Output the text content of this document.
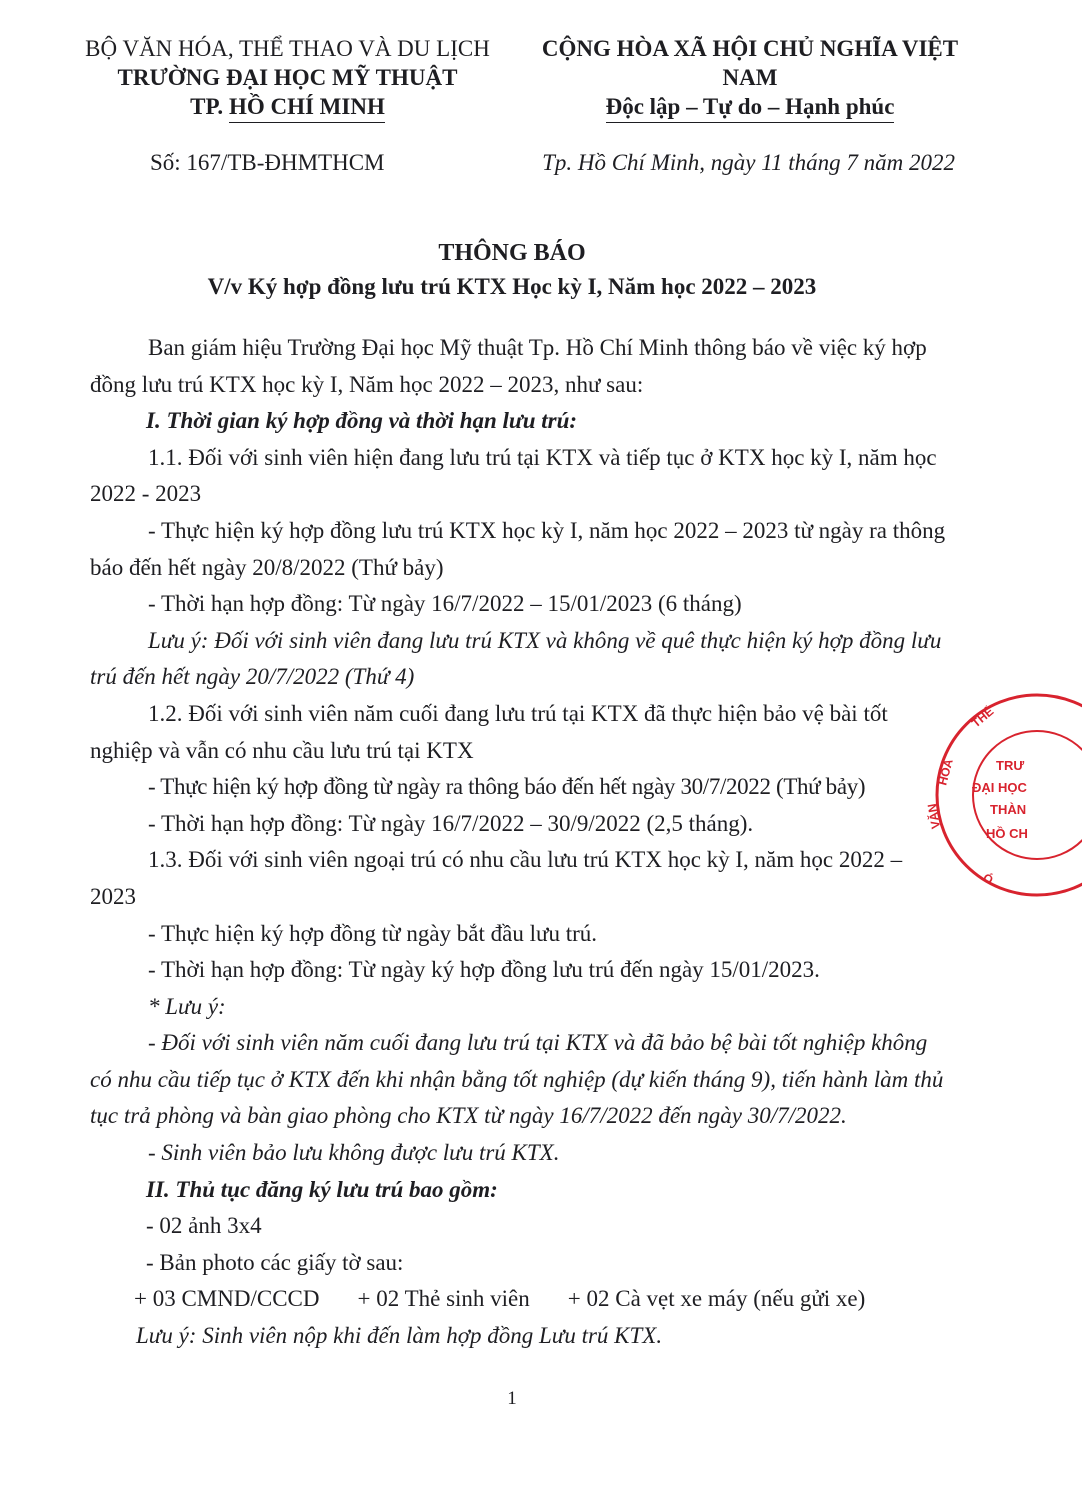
BỘ VĂN HÓA, THỂ THAO VÀ DU LỊCH
TRƯỜNG ĐẠI HỌC MỸ THUẬT
TP. HỒ CHÍ MINH
CỘNG HÒA XÃ HỘI CHỦ NGHĨA VIỆT NAM
Độc lập – Tự do – Hạnh phúc
Số: 167/TB-ĐHMTHCM	Tp. Hồ Chí Minh, ngày 11 tháng 7 năm 2022
THÔNG BÁO
V/v Ký hợp đồng lưu trú KTX Học kỳ I, Năm học 2022 – 2023

Ban giám hiệu Trường Đại học Mỹ thuật Tp. Hồ Chí Minh thông báo về việc ký hợp đồng lưu trú KTX học kỳ I, Năm học 2022 – 2023, như sau:

I. Thời gian ký hợp đồng và thời hạn lưu trú:

1.1. Đối với sinh viên hiện đang lưu trú tại KTX và tiếp tục ở KTX học kỳ I, năm học 2022 - 2023

- Thực hiện ký hợp đồng lưu trú KTX học kỳ I, năm học 2022 – 2023 từ ngày ra thông báo đến hết ngày 20/8/2022 (Thứ bảy)

- Thời hạn hợp đồng: Từ ngày 16/7/2022 – 15/01/2023 (6 tháng)

Lưu ý: Đối với sinh viên đang lưu trú KTX và không về quê thực hiện ký hợp đồng lưu trú đến hết ngày 20/7/2022 (Thứ 4)

1.2. Đối với sinh viên năm cuối đang lưu trú tại KTX đã thực hiện bảo vệ bài tốt nghiệp và vẫn có nhu cầu lưu trú tại KTX

- Thực hiện ký hợp đồng từ ngày ra thông báo đến hết ngày 30/7/2022 (Thứ bảy)

- Thời hạn hợp đồng: Từ ngày 16/7/2022 – 30/9/2022 (2,5 tháng).

1.3. Đối với sinh viên ngoại trú có nhu cầu lưu trú KTX học kỳ I, năm học 2022 – 2023

- Thực hiện ký hợp đồng từ ngày bắt đầu lưu trú.

- Thời hạn hợp đồng: Từ ngày ký hợp đồng lưu trú đến ngày 15/01/2023.

* Lưu ý:

- Đối với sinh viên năm cuối đang lưu trú tại KTX và đã bảo bệ bài tốt nghiệp không có nhu cầu tiếp tục ở KTX đến khi nhận bằng tốt nghiệp (dự kiến tháng 9), tiến hành làm thủ tục trả phòng và bàn giao phòng cho KTX từ ngày 16/7/2022 đến ngày 30/7/2022.

- Sinh viên bảo lưu không được lưu trú KTX.

II. Thủ tục đăng ký lưu trú bao gồm:

- 02 ảnh 3x4

- Bản photo các giấy tờ sau:

+ 03 CMND/CCCD + 02 Thẻ sinh viên + 02 Cà vẹt xe máy (nếu gửi xe)

Lưu ý: Sinh viên nộp khi đến làm hợp đồng Lưu trú KTX.

1
THỂ
HÓA
VĂN
Ó
TRƯ
ĐẠI HỌC
THÀN
HỒ CH
